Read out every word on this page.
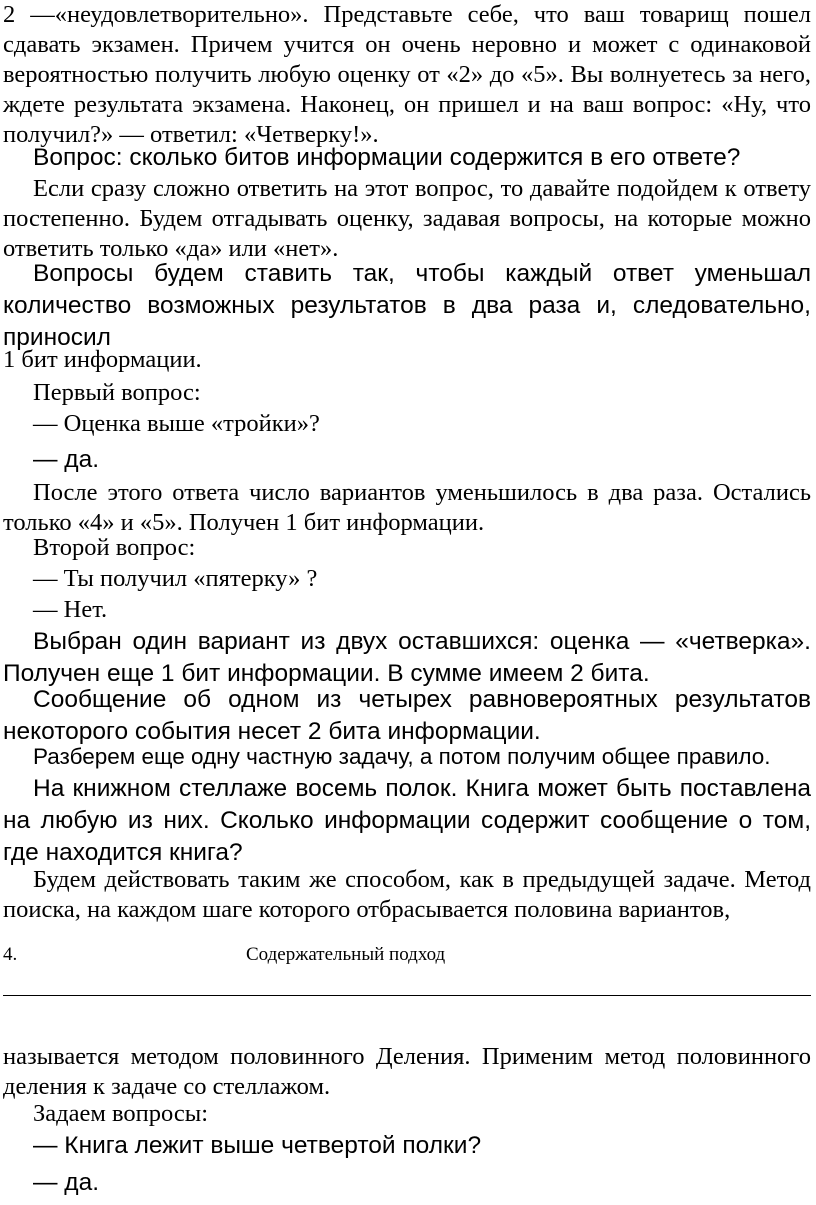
2 —«неудовлетворительно». Представьте себе, что ваш товарищ пошел сдавать экзамен. Причем учится он очень неровно и может с одинаковой вероятностью получить любую оценку от «2» до «5». Вы волнуетесь за него, ждете результата экзамена. Наконец, он пришел и на ваш вопрос: «Ну, что получил?» — ответил: «Четверку!».

Вопрос: сколько битов информации содержится в его ответе?

Если сразу сложно ответить на этот вопрос, то давайте подойдем к ответу постепенно. Будем отгадывать оценку, задавая вопросы, на которые можно ответить только «да» или «нет».

Вопросы будем ставить так, чтобы каждый ответ уменьшал количество возможных результатов в два раза и, следовательно, приносил

1 бит информации.

Первый вопрос:

— Оценка выше «тройки»?

— да.

После этого ответа число вариантов уменьшилось в два раза. Остались только «4» и «5». Получен 1 бит информации.

Второй вопрос:

— Ты получил «пятерку» ?

— Нет.

Выбран один вариант из двух оставшихся: оценка — «четверка». Получен еще 1 бит информации. В сумме имеем 2 бита.

Сообщение об одном из четырех равновероятных результатов некоторого события несет 2 бита информации.

Разберем еще одну частную задачу, а потом получим общее правило.

На книжном стеллаже восемь полок. Книга может быть поставлена на любую из них. Сколько информации содержит сообщение о том, где находится книга?

Будем действовать таким же способом, как в предыдущей задаче. Метод поиска, на каждом шаге которого отбрасывается половина вариантов,

4.	Содержательный подход

называется методом половинного Деления. Применим метод половинного деления к задаче со стеллажом.

Задаем вопросы:

— Книга лежит выше четвертой полки?

— да.
